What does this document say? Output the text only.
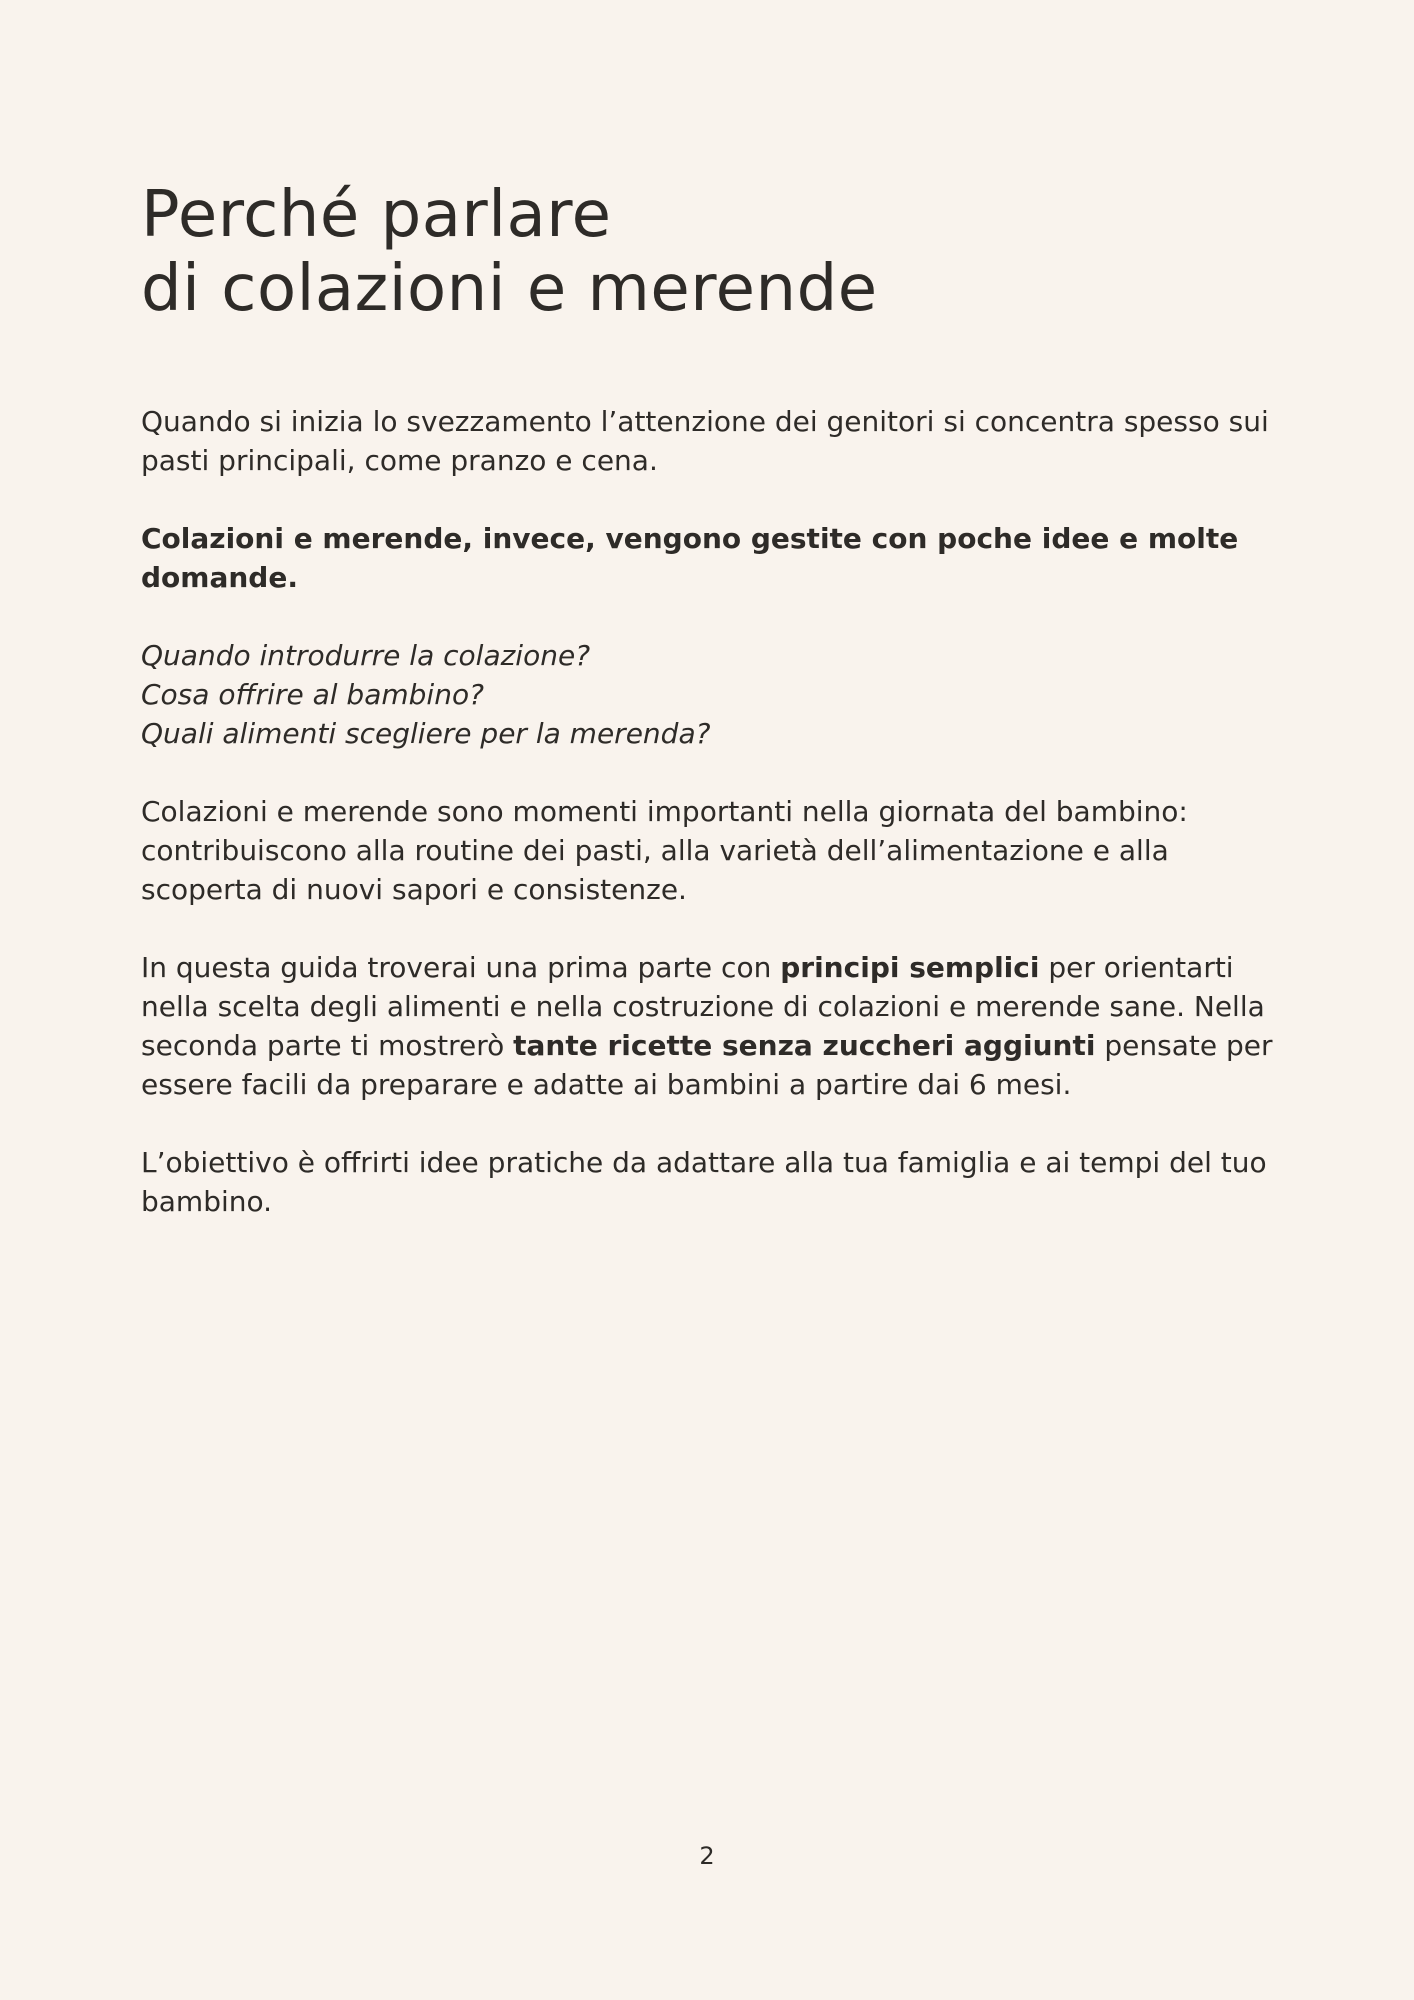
Perché parlare
di colazioni e merende

Quando si inizia lo svezzamento l’attenzione dei genitori si concentra spesso sui pasti principali, come pranzo e cena.

Colazioni e merende, invece, vengono gestite con poche idee e molte domande.

Quando introdurre la colazione?
Cosa offrire al bambino?
Quali alimenti scegliere per la merenda?

Colazioni e merende sono momenti importanti nella giornata del bambino: contribuiscono alla routine dei pasti, alla varietà dell’alimentazione e alla scoperta di nuovi sapori e consistenze.

In questa guida troverai una prima parte con principi semplici per orientarti nella scelta degli alimenti e nella costruzione di colazioni e merende sane. Nella seconda parte ti mostrerò tante ricette senza zuccheri aggiunti pensate per essere facili da preparare e adatte ai bambini a partire dai 6 mesi.

L’obiettivo è offrirti idee pratiche da adattare alla tua famiglia e ai tempi del tuo bambino.

2
